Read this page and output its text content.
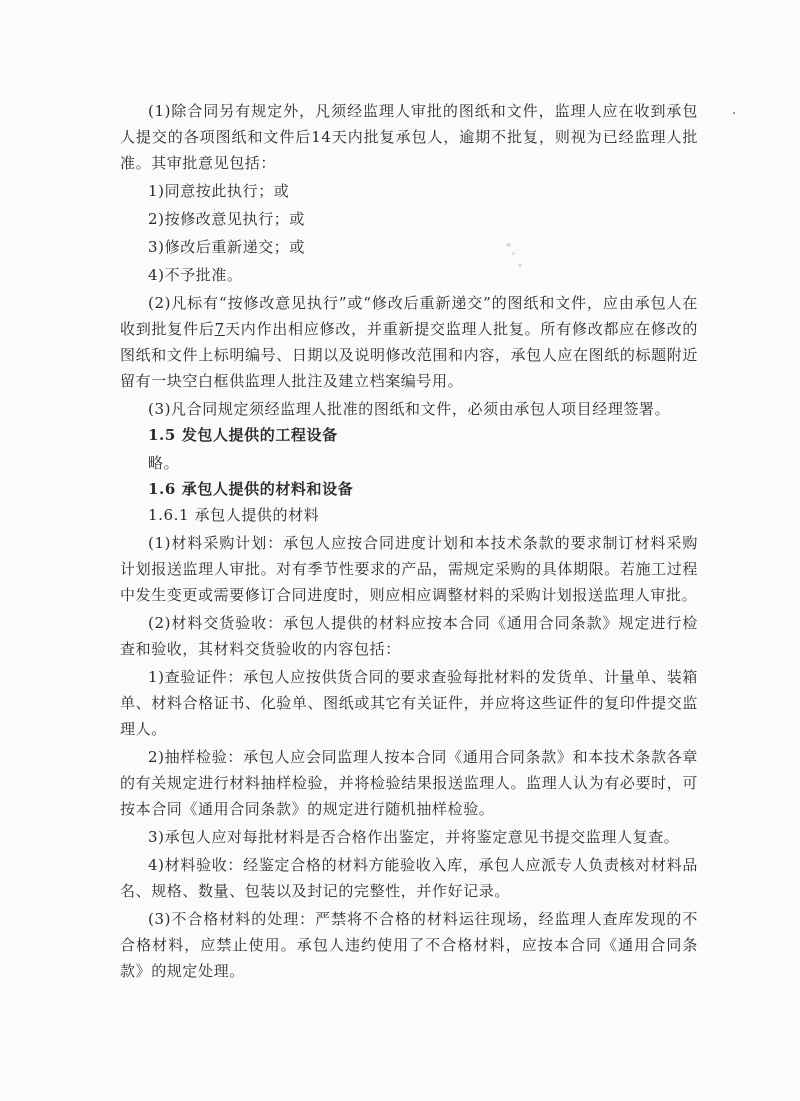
(1)除合同另有规定外，凡须经监理人审批的图纸和文件，监理人应在收到承包人提交的各项图纸和文件后14天内批复承包人，逾期不批复，则视为已经监理人批准。其审批意见包括：

1)同意按此执行；或

2)按修改意见执行；或

3)修改后重新递交；或

4)不予批准。

(2)凡标有“按修改意见执行”或“修改后重新递交”的图纸和文件，应由承包人在收到批复件后7天内作出相应修改，并重新提交监理人批复。所有修改都应在修改的图纸和文件上标明编号、日期以及说明修改范围和内容，承包人应在图纸的标题附近留有一块空白框供监理人批注及建立档案编号用。

(3)凡合同规定须经监理人批准的图纸和文件，必须由承包人项目经理签署。

1.5 发包人提供的工程设备

略。

1.6 承包人提供的材料和设备

1.6.1 承包人提供的材料

(1)材料采购计划：承包人应按合同进度计划和本技术条款的要求制订材料采购计划报送监理人审批。对有季节性要求的产品，需规定采购的具体期限。若施工过程中发生变更或需要修订合同进度时，则应相应调整材料的采购计划报送监理人审批。

(2)材料交货验收：承包人提供的材料应按本合同《通用合同条款》规定进行检查和验收，其材料交货验收的内容包括：

1)查验证件：承包人应按供货合同的要求查验每批材料的发货单、计量单、装箱单、材料合格证书、化验单、图纸或其它有关证件，并应将这些证件的复印件提交监理人。

2)抽样检验：承包人应会同监理人按本合同《通用合同条款》和本技术条款各章的有关规定进行材料抽样检验，并将检验结果报送监理人。监理人认为有必要时，可按本合同《通用合同条款》的规定进行随机抽样检验。

3)承包人应对每批材料是否合格作出鉴定，并将鉴定意见书提交监理人复查。

4)材料验收：经鉴定合格的材料方能验收入库，承包人应派专人负责核对材料品名、规格、数量、包装以及封记的完整性，并作好记录。

(3)不合格材料的处理：严禁将不合格的材料运往现场，经监理人查库发现的不合格材料，应禁止使用。承包人违约使用了不合格材料，应按本合同《通用合同条款》的规定处理。
